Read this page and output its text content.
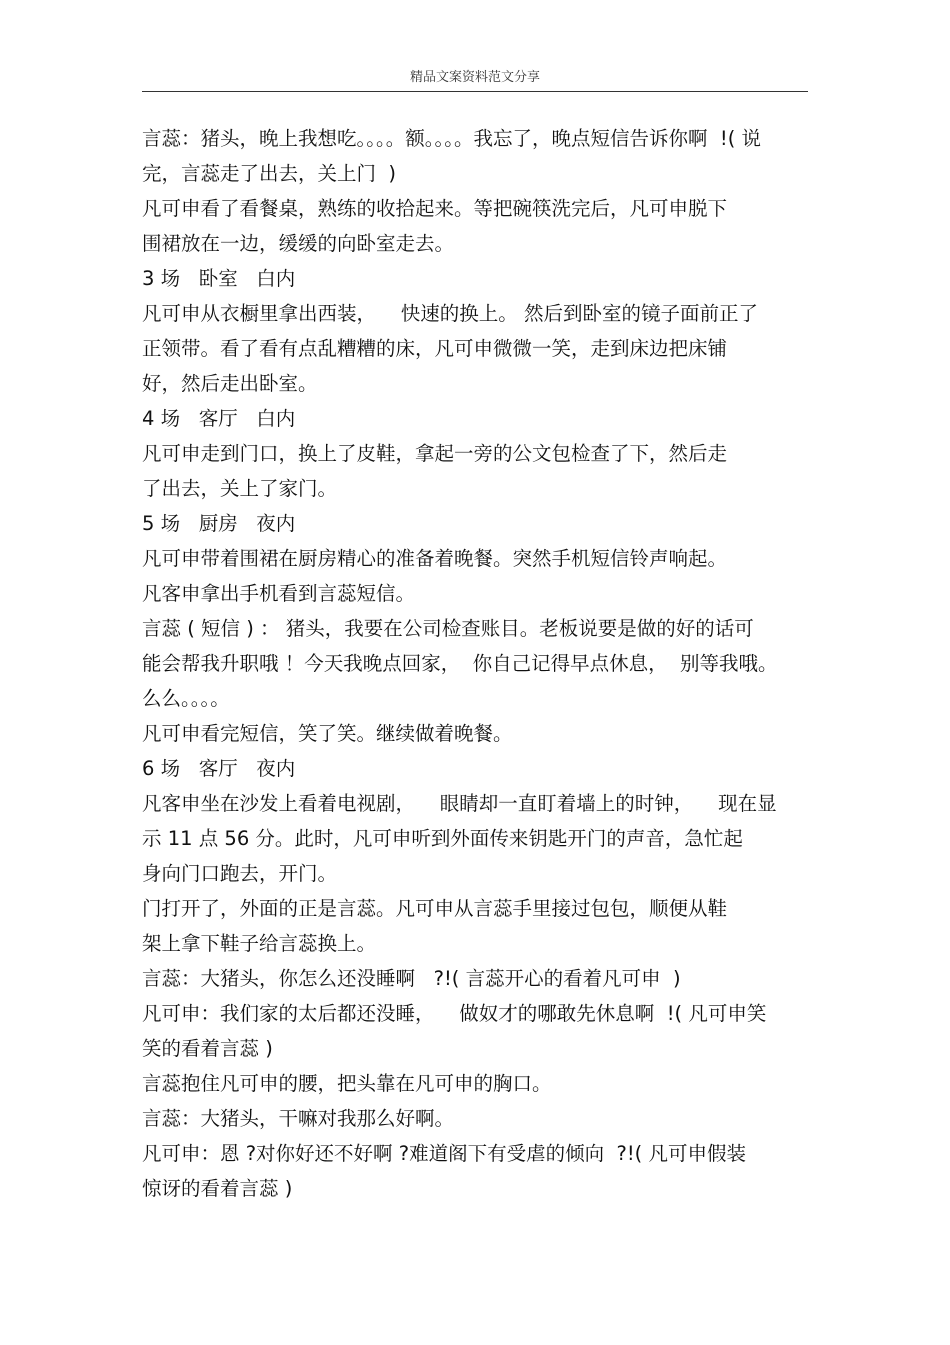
精品文案资料范文分享
言蕊：猪头，晚上我想吃。。。。额。。。。我忘了，晚点短信告诉你啊  !( 说
完，言蕊走了出去，关上门  )
凡可申看了看餐桌，熟练的收拾起来。等把碗筷洗完后，凡可申脱下
围裙放在一边，缓缓的向卧室走去。
3 场   卧室   白内
凡可申从衣橱里拿出西装，    快速的换上。 然后到卧室的镜子面前正了
正领带。看了看有点乱糟糟的床，凡可申微微一笑，走到床边把床铺
好，然后走出卧室。
4 场   客厅   白内
凡可申走到门口，换上了皮鞋，拿起一旁的公文包检查了下，然后走
了出去，关上了家门。
5 场   厨房   夜内
凡可申带着围裙在厨房精心的准备着晚餐。突然手机短信铃声响起。
凡客申拿出手机看到言蕊短信。
言蕊 ( 短信 ) ： 猪头，我要在公司检查账目。老板说要是做的好的话可
能会帮我升职哦 ！今天我晚点回家，  你自己记得早点休息，  别等我哦。
么么。。。。
凡可申看完短信，笑了笑。继续做着晚餐。
6 场   客厅   夜内
凡客申坐在沙发上看着电视剧，    眼睛却一直盯着墙上的时钟，    现在显
示 11 点 56 分。此时，凡可申听到外面传来钥匙开门的声音，急忙起
身向门口跑去，开门。
门打开了，外面的正是言蕊。凡可申从言蕊手里接过包包，顺便从鞋
架上拿下鞋子给言蕊换上。
言蕊：大猪头，你怎么还没睡啊   ?!( 言蕊开心的看着凡可申  )
凡可申：我们家的太后都还没睡，    做奴才的哪敢先休息啊  !( 凡可申笑
笑的看着言蕊 )
言蕊抱住凡可申的腰，把头靠在凡可申的胸口。
言蕊：大猪头，干嘛对我那么好啊。
凡可申：恩 ?对你好还不好啊 ?难道阁下有受虐的倾向  ?!( 凡可申假装
惊讶的看着言蕊 )
